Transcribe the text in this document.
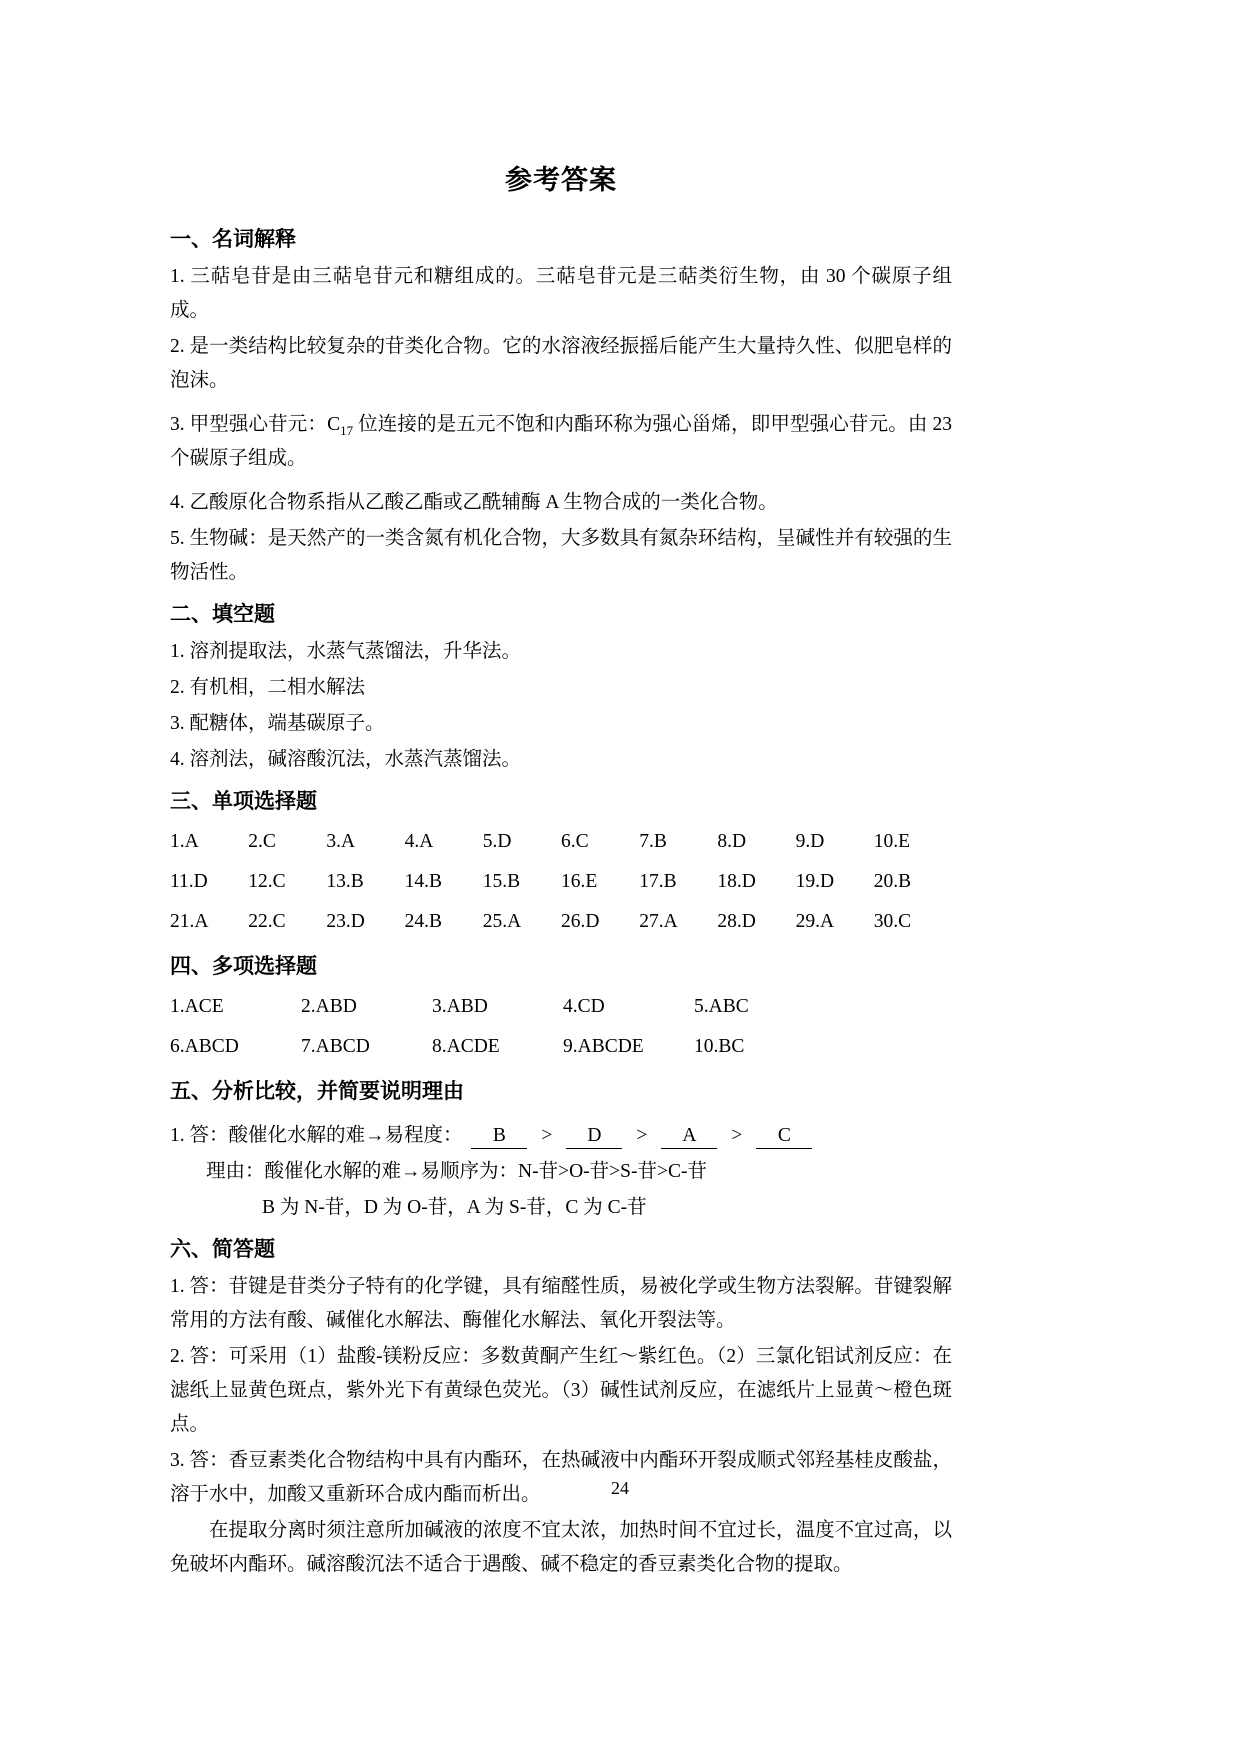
参考答案
一、名词解释

1. 三萜皂苷是由三萜皂苷元和糖组成的。三萜皂苷元是三萜类衍生物，由 30 个碳原子组成。

2. 是一类结构比较复杂的苷类化合物。它的水溶液经振摇后能产生大量持久性、似肥皂样的泡沫。

3. 甲型强心苷元：$C_{17}$ 位连接的是五元不饱和内酯环称为强心甾烯，即甲型强心苷元。由 23 个碳原子组成。

4. 乙酸原化合物系指从乙酸乙酯或乙酰辅酶 A 生物合成的一类化合物。

5. 生物碱：是天然产的一类含氮有机化合物，大多数具有氮杂环结构，呈碱性并有较强的生物活性。

二、填空题

1. 溶剂提取法，水蒸气蒸馏法，升华法。

2. 有机相，二相水解法

3. 配糖体，端基碳原子。

4. 溶剂法，碱溶酸沉法，水蒸汽蒸馏法。

三、单项选择题
1.A	2.C	3.A	4.A	5.D	6.C	7.B	8.D	9.D	10.E
11.D	12.C	13.B	14.B	15.B	16.E	17.B	18.D	19.D	20.B
21.A	22.C	23.D	24.B	25.A	26.D	27.A	28.D	29.A	30.C
四、多项选择题
1.ACE	2.ABD	3.ABD	4.CD	5.ABC
6.ABCD	7.ABCD	8.ACDE	9.ABCDE	10.BC
五、分析比较，并简要说明理由

1. 答：酸催化水解的难→易程度： B > D > A > C

理由：酸催化水解的难→易顺序为：N-苷>O-苷>S-苷>C-苷

B 为 N-苷，D 为 O-苷，A 为 S-苷，C 为 C-苷

六、简答题

1. 答：苷键是苷类分子特有的化学键，具有缩醛性质，易被化学或生物方法裂解。苷键裂解常用的方法有酸、碱催化水解法、酶催化水解法、氧化开裂法等。

2. 答：可采用（1）盐酸-镁粉反应：多数黄酮产生红～紫红色。（2）三氯化铝试剂反应：在滤纸上显黄色斑点，紫外光下有黄绿色荧光。（3）碱性试剂反应，在滤纸片上显黄～橙色斑点。

3. 答：香豆素类化合物结构中具有内酯环，在热碱液中内酯环开裂成顺式邻羟基桂皮酸盐，溶于水中，加酸又重新环合成内酯而析出。

在提取分离时须注意所加碱液的浓度不宜太浓，加热时间不宜过长，温度不宜过高，以免破坏内酯环。碱溶酸沉法不适合于遇酸、碱不稳定的香豆素类化合物的提取。

24
